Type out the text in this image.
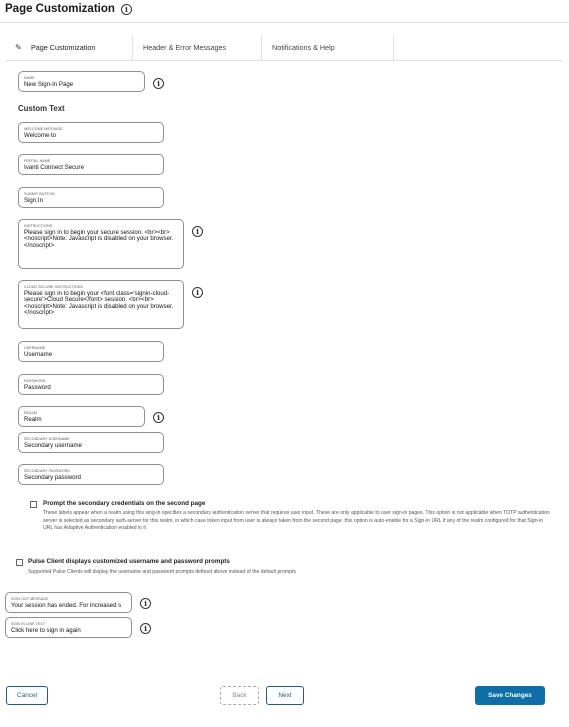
Page Customization	i
✎	Page Customization	Header & Error Messages	Notifications & Help
NAME
New Sign-In Page	i
Custom Text
WELCOME MESSAGE
Welcome to
PORTAL NAME
Ivanti Connect Secure
SUBMIT BUTTON
Sign In
INSTRUCTIONS
Please sign in to begin your secure session. <br><br><noscript>Note: Javascript is disabled on your browser.</noscript>
i
CLOUD SECURE INSTRUCTIONS
Please sign in to begin your <font class='signin-cloud-secure'>Cloud Secure</font> session. <br><br><noscript>Note: Javascript is disabled on your browser.</noscript>
i
USERNAME
Username
PASSWORD
Password
REALM
Realm	i
SECONDARY USERNAME
Secondary username
SECONDARY PASSWORD
Secondary password
Prompt the secondary credentials on the second page
These labels appear when a realm using this sing-in specifies a secondary authentication server that requires user input. These are only applicable to user sign-in pages. This option is not applicable when TOTP authentication server is selected as secondary auth-server for this realm, in which case token input from user is always taken from the second page. this option is auto-enable for a Sign-in URL if any of the realm configured for that Sign-in URL has Adaptive Authentication enabled in it
Pulse Client displays customized username and password prompts
Supported Pulse Clients will display the username and password prompts defined above instead of the default prompts
SIGN OUT MESSAGE
Your session has ended. For increased s	i
SIGN IN LINK TEXT
Click here to sign in again	i
Cancel	Back	Next	Save Changes
